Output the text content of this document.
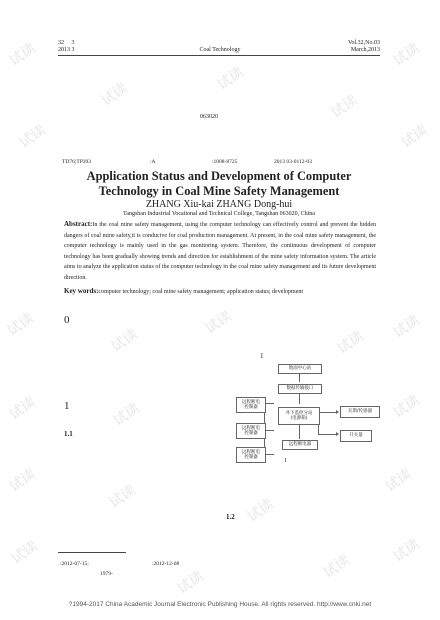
试读	试读
试读
试读
试读
试读
试读
试读	试读
试读
试读
试读
试读	试读	试读
试读
试读	试读
试读
试读
试读
试读
试读
32　 3
2013 3	Coal Technology
Vol.32,No.03
March,2013
063020
TD76;TP393	:A	:1008-8725	2013 03-0112-03
Application Status and Development of Computer
Technology in Coal Mine Safety Management
ZHANG Xiu-kai ZHANG Dong-hui
Tangshan Industrial Vocational and Technical College, Tangshan 063020, China
Abstract:In the coal mine safety management, using the computer technology can effectively control and prevent the hidden dangers of coal mine safety,it is conducive for coal production management. At present, in the coal mine safety management, the computer technology is mainly used in the gas monitoring system. Therefore, the continuous development of computer technology has been gradually showing trends and direction for establishment of the mine safety information system. The article aims to analyze the application status of the computer technology in the coal mine safety management and its future development direction.
Key words:computer technology; coal mine safety management; application status; development
0
1
1.1
1.2
1
1
地面中心站
数据传输接口
远程断电
控制器
远程断电
控制器
远程断电
控制器
井下监控分站
(电源箱)
远程断电器
瓦斯/传感器
开关量
:2012-07-15;	:2012-12-08
1979-
?1994-2017 China Academic Journal Electronic Publishing House. All rights reserved. http://www.cnki.net
